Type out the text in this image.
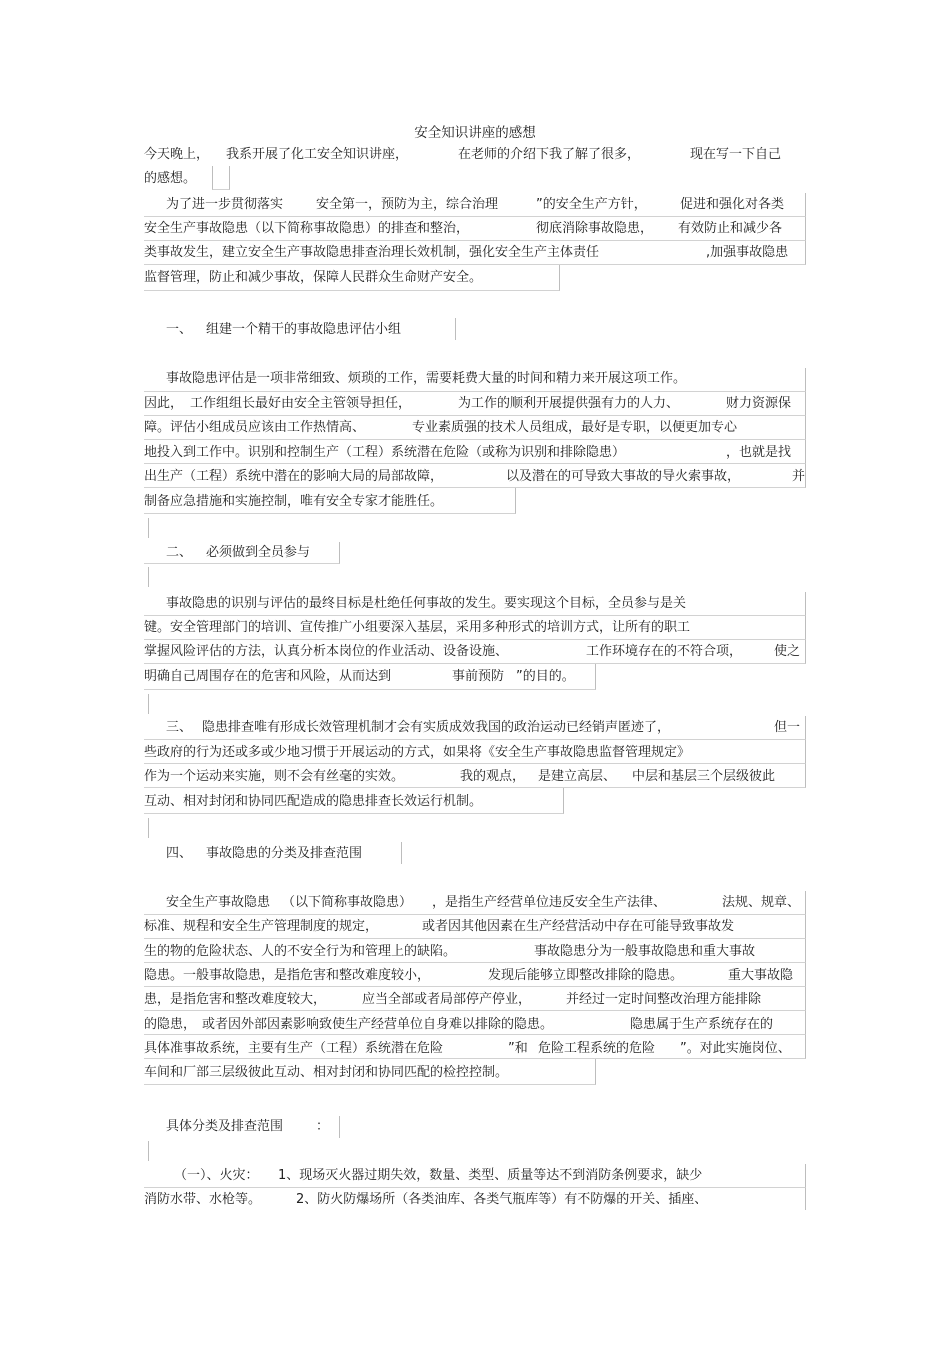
安全知识讲座的感想
今天晚上， 我系开展了化工安全知识讲座，	在老师的介绍下我了解了很多，	现在写一下自己
的感想。
为了进一步贯彻落实	安全第一，预防为主，综合治理	”的安全生产方针，	促进和强化对各类
安全生产事故隐患（以下简称事故隐患）的排查和整治，	彻底消除事故隐患， 有效防止和减少各
类事故发生，建立安全生产事故隐患排查治理长效机制，强化安全生产主体责任	,加强事故隐患
监督管理，防止和减少事故，保障人民群众生命财产安全。
一、 组建一个精干的事故隐患评估小组
事故隐患评估是一项非常细致、烦琐的工作，需要耗费大量的时间和精力来开展这项工作。
因此， 工作组组长最好由安全主管领导担任，	为工作的顺利开展提供强有力的人力、	财力资源保
障。评估小组成员应该由工作热情高、	专业素质强的技术人员组成，最好是专职，以便更加专心
地投入到工作中。识别和控制生产（工程）系统潜在危险（或称为识别和排除隐患）	，也就是找
出生产（工程）系统中潜在的影响大局的局部故障，	以及潜在的可导致大事故的导火索事故，	并
制备应急措施和实施控制，唯有安全专家才能胜任。
二、 必须做到全员参与
事故隐患的识别与评估的最终目标是杜绝任何事故的发生。要实现这个目标，全员参与是关
键。安全管理部门的培训、宣传推广小组要深入基层，采用多种形式的培训方式，让所有的职工
掌握风险评估的方法，认真分析本岗位的作业活动、设备设施、	工作环境存在的不符合项， 使之
明确自己周围存在的危害和风险，从而达到	事前预防 ”的目的。
三、 隐患排查唯有形成长效管理机制才会有实质成效我国的政治运动已经销声匿迹了，	但一
些政府的行为还或多或少地习惯于开展运动的方式，如果将《安全生产事故隐患监督管理规定》
作为一个运动来实施，则不会有丝毫的实效。	我的观点， 是建立高层、 中层和基层三个层级彼此
互动、相对封闭和协同匹配造成的隐患排查长效运行机制。
四、 事故隐患的分类及排查范围
安全生产事故隐患 （以下简称事故隐患） ，是指生产经营单位违反安全生产法律、	法规、规章、
标准、规程和安全生产管理制度的规定，	或者因其他因素在生产经营活动中存在可能导致事故发
生的物的危险状态、人的不安全行为和管理上的缺陷。	事故隐患分为一般事故隐患和重大事故
隐患。一般事故隐患，是指危害和整改难度较小，	发现后能够立即整改排除的隐患。	重大事故隐
患，是指危害和整改难度较大，	应当全部或者局部停产停业，	并经过一定时间整改治理方能排除
的隐患， 或者因外部因素影响致使生产经营单位自身难以排除的隐患。	隐患属于生产系统存在的
具体准事故系统，主要有生产（工程）系统潜在危险	”和 危险工程系统的危险 ”。对此实施岗位、
车间和厂部三层级彼此互动、相对封闭和协同匹配的检控控制。
具体分类及排查范围	：
（一）、火灾： 1、现场灭火器过期失效，数量、类型、质量等达不到消防条例要求，缺少
消防水带、水枪等。	2、防火防爆场所（各类油库、各类气瓶库等）有不防爆的开关、插座、
